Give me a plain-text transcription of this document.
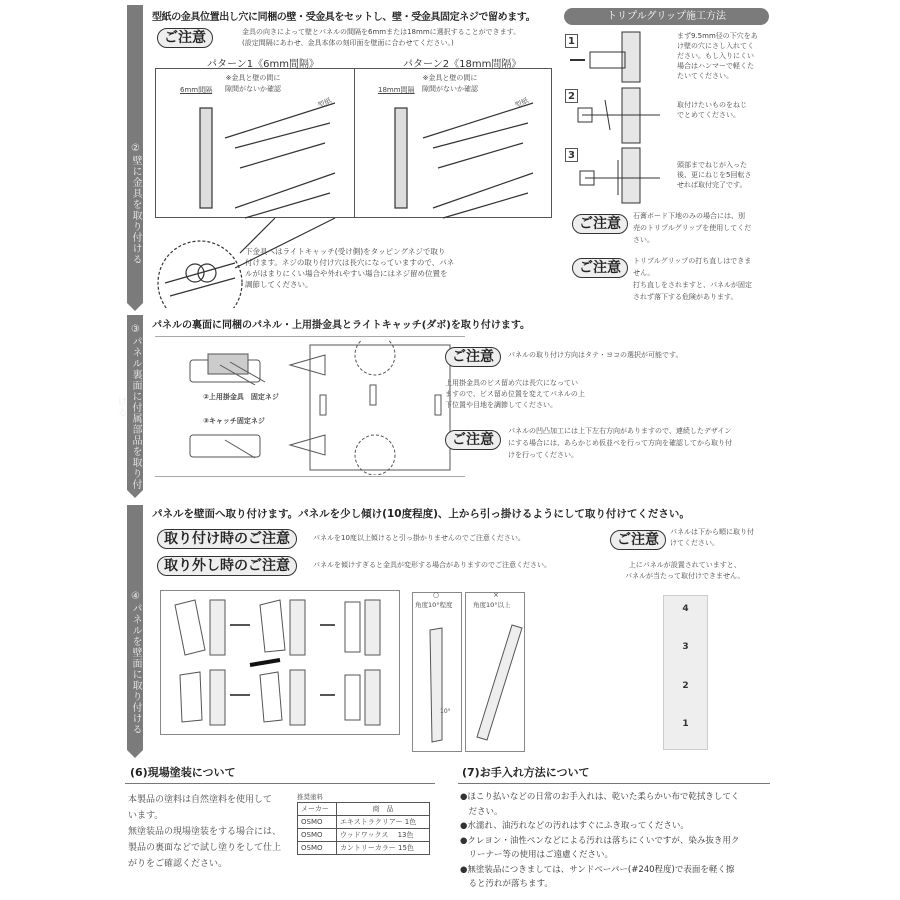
②壁に金具を取り付ける
③パネル裏面に付属部品を取り付ける
④パネルを壁面に取り付ける
型紙の金具位置出し穴に同梱の壁・受金具をセットし、壁・受金具固定ネジで留めます。
ご注意	金具の向きによって壁とパネルの間隔を6mmまたは18mmに選択することができます。
(設定間隔にあわせ、金具本体の刻印面を壁面に合わせてください。)
パターン1《6mm間隔》	パターン2《18mm間隔》
※金具と壁の間に
隙間がないか確認
6mm間隔
型紙
※金具と壁の間に
隙間がないか確認
18mm間隔
型紙
下金具へはライトキャッチ(受け側)をタッピングネジで取り
付けます。ネジの取り付け穴は長穴になっていますので、パネ
ルがはまりにくい場合や外れやすい場合にはネジ留め位置を
調節してください。
トリプルグリップ施工方法
1
2
3
まず9.5mm径の下穴をあ
け壁の穴にさし入れてく
ださい。もし入りにくい
場合はハンマーで軽くた
たいてください。
取付けたいものをねじ
でとめてください。
頭部までねじが入った
後、更にねじを5回転さ
せれば取付完了です。
ご注意	石膏ボード下地のみの場合には、別
売のトリプルグリップを使用してくだ
さい。
ご注意	トリプルグリップの打ち直しはできま
せん。
打ち直しをされますと、パネルが固定
されず落下する危険があります。
パネルの裏面に同梱のパネル・上用掛金具とライトキャッチ(ダボ)を取り付けます。
②上用掛金具　固定ネジ
③キャッチ固定ネジ
ご注意	パネルの取り付け方向はタテ・ヨコの選択が可能です。
上用掛金具のビス留め穴は長穴になってい
ますので、ビス留め位置を変えてパネルの上
下位置や目地を調節してください。
ご注意
パネルの凹凸加工には上下左右方向がありますので、連続したデザイン
にする場合には、あらかじめ仮並べを行って方向を確認してから取り付
けを行ってください。
パネルを壁面へ取り付けます。パネルを少し傾け(10度程度)、上から引っ掛けるようにして取り付けてください。
取り付け時のご注意	パネルを10度以上傾けると引っ掛かりませんのでご注意ください。
取り外し時のご注意	パネルを傾けすぎると金具が変形する場合がありますのでご注意ください。
ご注意	パネルは下から順に取り付
けてください。
上にパネルが設置されていますと、
パネルが当たって取付けできません。
○
角度10°程度
×
角度10°以上
10°
4
3
2
1
(6)現場塗装について
本製品の塗料は自然塗料を使用して
います。
無塗装品の現場塗装をする場合には、
製品の裏面などで試し塗りをして仕上
がりをご確認ください。
推奨塗料
メーカー	商　品
OSMO	エキストラクリアー 1色
OSMO	ウッドワックス　 13色
OSMO	カントリーカラー 15色
(7)お手入れ方法について
●ほこり払いなどの日常のお手入れは、乾いた柔らかい布で乾拭きしてく
　ださい。
●水濡れ、油汚れなどの汚れはすぐにふき取ってください。
●クレヨン・油性ペンなどによる汚れは落ちにくいですが、染み抜き用ク
　リーナー等の使用はご遠慮ください。
●無塗装品につきましては、サンドペーパー(#240程度)で表面を軽く擦
　ると汚れが落ちます。
